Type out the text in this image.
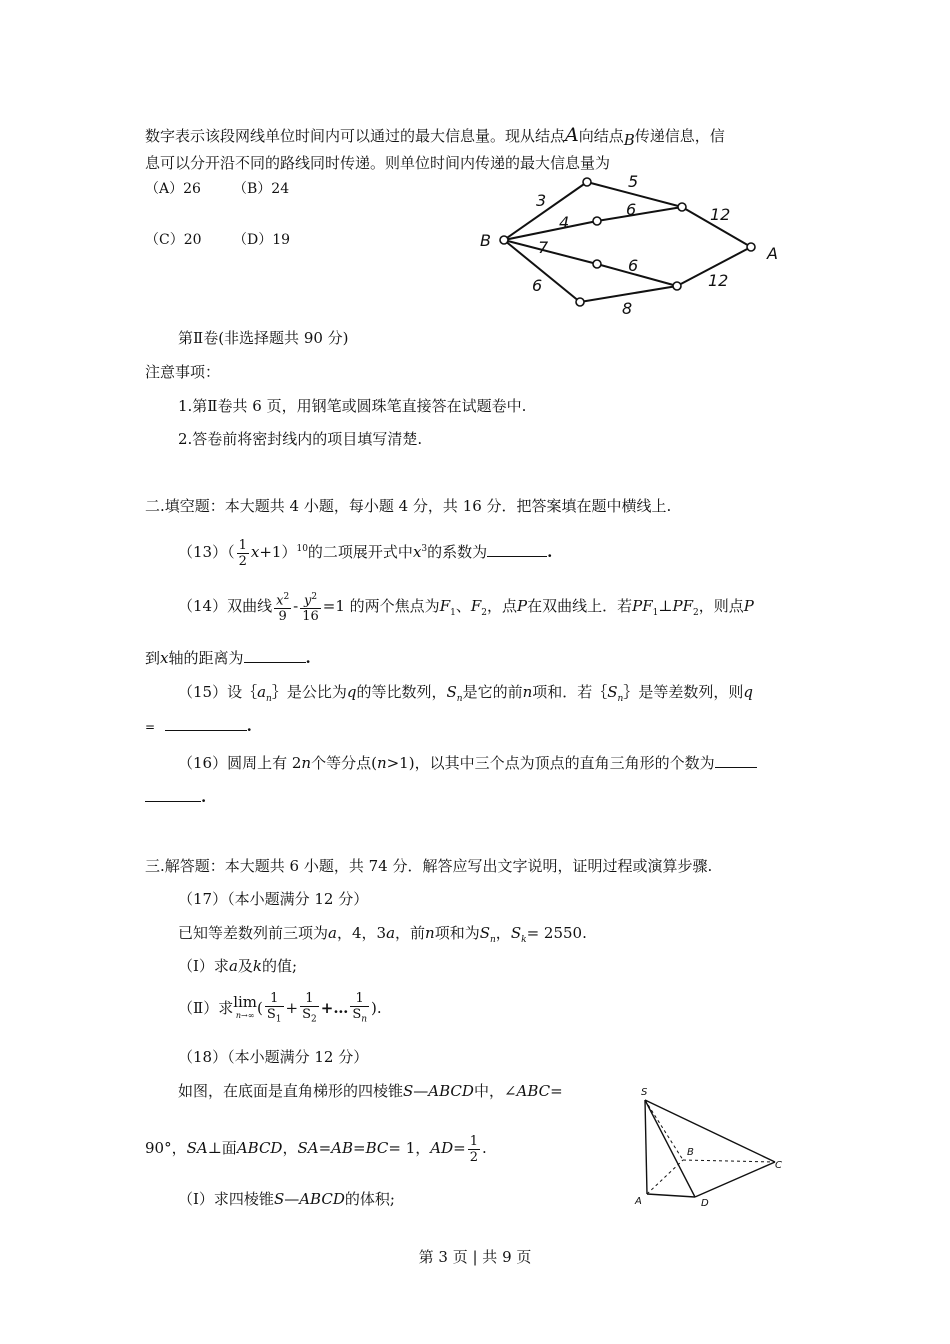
数字表示该段网线单位时间内可以通过的最大信息量。现从结点A向结点B传递信息，信
息可以分开沿不同的路线同时传递。则单位时间内传递的最大信息量为
（A）26 （B）24
（C）20 （D）19	B
A
3
5
4
6	12
7
6
12
6
8
第Ⅱ卷(非选择题共 90 分)
注意事项：
1.第Ⅱ卷共 6 页，用钢笔或圆珠笔直接答在试题卷中.
2.答卷前将密封线内的项目填写清楚.
二.填空题：本大题共 4 小题，每小题 4 分，共 16 分．把答案填在题中横线上.
$(13)( \frac{1}{2} x+1)^{10}$的二项展开式中$x^3$的系数为	.
（14）双曲线 $\frac{x^2}{9} - \frac{y^2}{16} =1$ 的两个焦点为$F_1$、$F_2$，点P在双曲线上．若$PF_1\perp PF_2$，则点P
到x轴的距离为	.
（15）设$\{a_n\}$是公比为q的等比数列，$S_n$是它的前n项和．若$\{S_n\}$是等差数列，则q
=	.
（16）圆周上有 2n个等分点(n>1)，以其中三个点为顶点的直角三角形的个数为
.
三.解答题：本大题共 6 小题，共 74 分．解答应写出文字说明，证明过程或演算步骤.
（17）（本小题满分 12 分）
已知等差数列前三项为a，4，3a，前n项和为$S_n$，$S_k= 2550$.
（Ⅰ）求a及k的值;
（Ⅱ）求 lim
n→∞ ( $\frac{1}{S_1} + \frac{1}{S_2}$ +… $\frac{1}{S_n}$ ).
（18）（本小题满分 12 分）
如图，在底面是直角梯形的四棱锥S—ABCD中，∠ABC=
90°，SA⊥面ABCD，SA=AB=BC= 1，$AD= \frac{1}{2}$ .
（Ⅰ）求四棱锥S—ABCD的体积;
S
A
B
C
D
第 3 页 | 共 9 页
